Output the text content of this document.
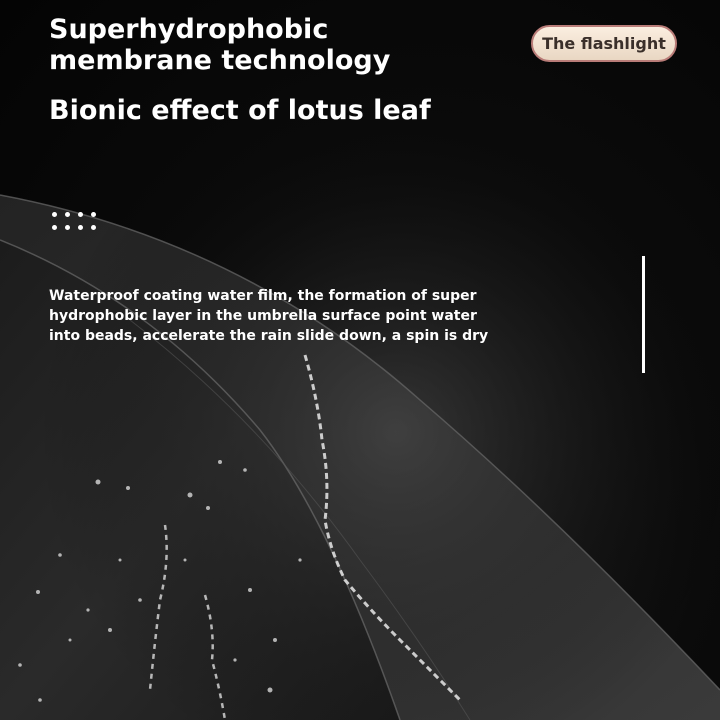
Superhydrophobic
membrane technology
Bionic effect of lotus leaf
The flashlight

Waterproof coating water film, the formation of super
hydrophobic layer in the umbrella surface point water
into beads, accelerate the rain slide down, a spin is dry
